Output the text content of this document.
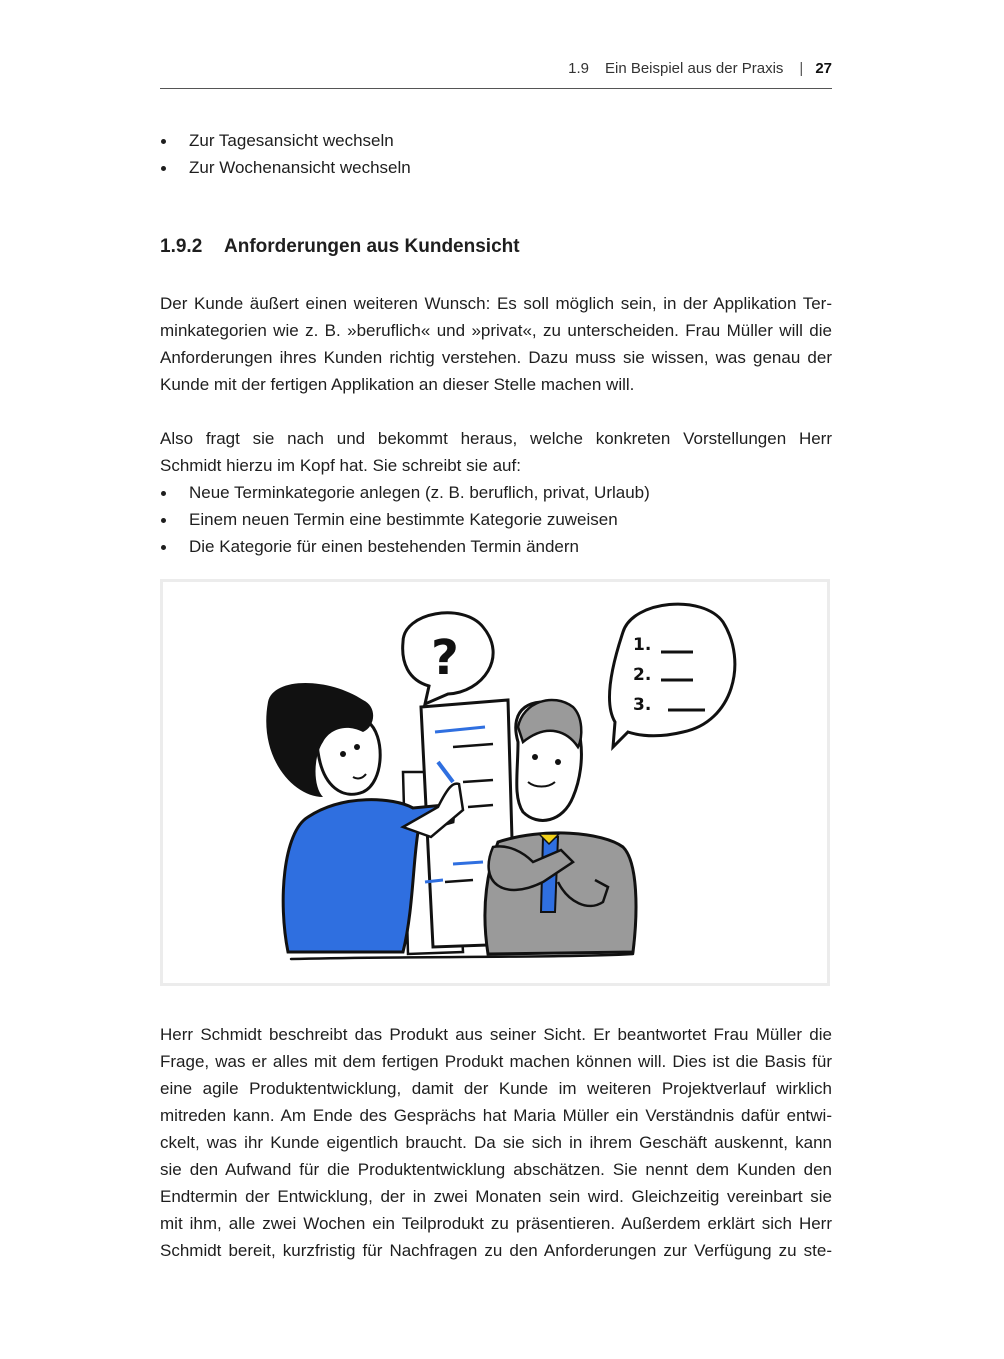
1.9 Ein Beispiel aus der Praxis | 27
Zur Tagesansicht wechseln
Zur Wochenansicht wechseln
1.9.2 Anforderungen aus Kundensicht

Der Kunde äußert einen weiteren Wunsch: Es soll möglich sein, in der Applikation Ter-
minkategorien wie z. B. »beruflich« und »privat«, zu unterscheiden. Frau Müller will die
Anforderungen ihres Kunden richtig verstehen. Dazu muss sie wissen, was genau der
Kunde mit der fertigen Applikation an dieser Stelle machen will.

Also fragt sie nach und bekommt heraus, welche konkreten Vorstellungen Herr
Schmidt hierzu im Kopf hat. Sie schreibt sie auf:

Neue Terminkategorie anlegen (z. B. beruflich, privat, Urlaub)
Einem neuen Termin eine bestimmte Kategorie zuweisen
Die Kategorie für einen bestehenden Termin ändern
?	1.
2.
3.

Herr Schmidt beschreibt das Produkt aus seiner Sicht. Er beantwortet Frau Müller die
Frage, was er alles mit dem fertigen Produkt machen können will. Dies ist die Basis für
eine agile Produktentwicklung, damit der Kunde im weiteren Projektverlauf wirklich
mitreden kann. Am Ende des Gesprächs hat Maria Müller ein Verständnis dafür entwi-
ckelt, was ihr Kunde eigentlich braucht. Da sie sich in ihrem Geschäft auskennt, kann
sie den Aufwand für die Produktentwicklung abschätzen. Sie nennt dem Kunden den
Endtermin der Entwicklung, der in zwei Monaten sein wird. Gleichzeitig vereinbart sie
mit ihm, alle zwei Wochen ein Teilprodukt zu präsentieren. Außerdem erklärt sich Herr
Schmidt bereit, kurzfristig für Nachfragen zu den Anforderungen zur Verfügung zu ste-
